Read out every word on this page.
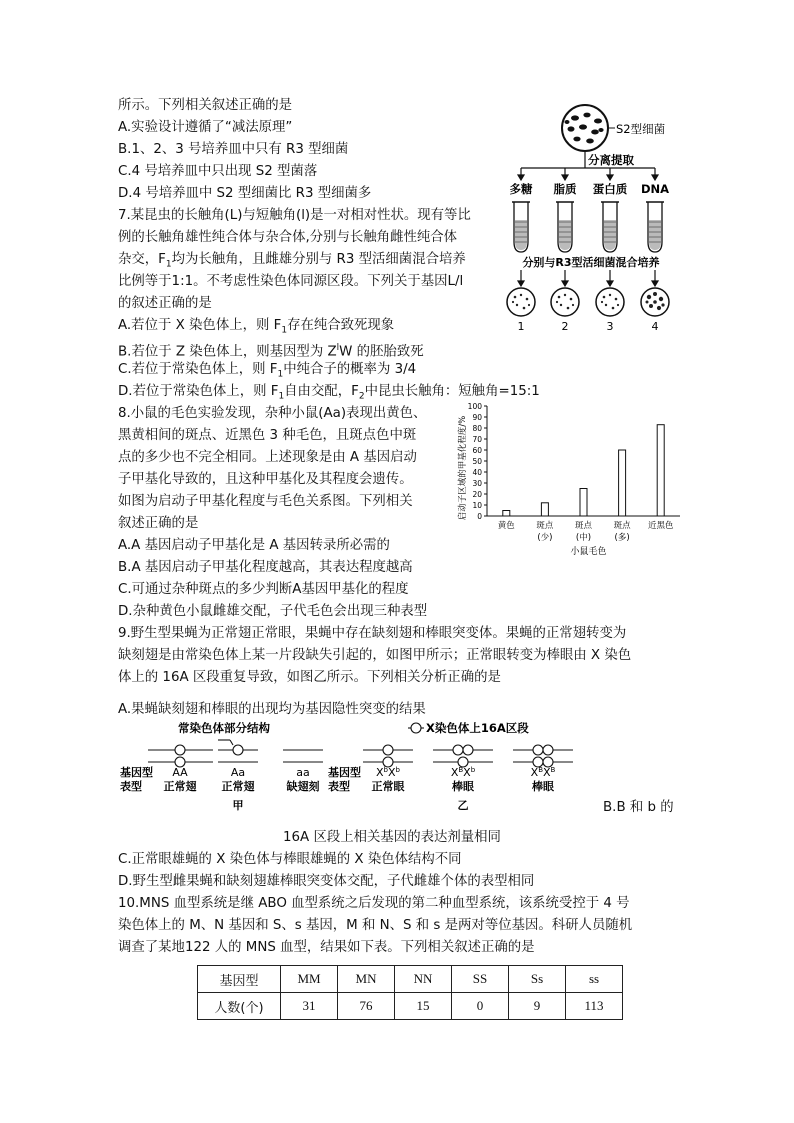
所示。下列相关叙述正确的是
A.实验设计遵循了“减法原理”
B.1、2、3 号培养皿中只有 R3 型细菌
C.4 号培养皿中只出现 S2 型菌落
D.4 号培养皿中 S2 型细菌比 R3 型细菌多
S2型细菌
分离提取
多糖 脂质 蛋白质 DNA
分别与R3型活细菌混合培养
1	2	3	4
7.某昆虫的长触角(L)与短触角(l)是一对相对性状。现有等比
例的长触角雄性纯合体与杂合体,分别与长触角雌性纯合体
杂交，$F_1$均为长触角，且雌雄分别与 R3 型活细菌混合培养
比例等于1:1。不考虑性染色体同源区段。下列关于基因L/l
的叙述正确的是
A.若位于 X 染色体上，则 $F_1$存在纯合致死现象
B.若位于 Z 染色体上，则基因型为 $Z^lW$ 的胚胎致死
C.若位于常染色体上，则 $F_1$中纯合子的概率为 3/4
D.若位于常染色体上，则 $F_1$自由交配，$F_2$中昆虫长触角：短触角=15:1
8.小鼠的毛色实验发现，杂种小鼠(Aa)表现出黄色、
黑黄相间的斑点、近黑色 3 种毛色，且斑点色中斑
点的多少也不完全相同。上述现象是由 A 基因启动
子甲基化导致的，且这种甲基化及其程度会遗传。
如图为启动子甲基化程度与毛色关系图。下列相关
叙述正确的是
A.A 基因启动子甲基化是 A 基因转录所必需的
B.A 基因启动子甲基化程度越高，其表达程度越高
C.可通过杂种斑点的多少判断A基因甲基化的程度
D.杂种黄色小鼠雌雄交配，子代毛色会出现三种表型
启动子区域的甲基化程度/% 0
10
20
30
40
50
60
70
80
90
100
黄色	斑点
(少)
斑点
(中)
斑点
(多)
近黑色
小鼠毛色
9.野生型果蝇为正常翅正常眼，果蝇中存在缺刻翅和棒眼突变体。果蝇的正常翅转变为
缺刻翅是由常染色体上某一片段缺失引起的，如图甲所示；正常眼转变为棒眼由 X 染色
体上的 16A 区段重复导致，如图乙所示。下列相关分析正确的是
A.果蝇缺刻翅和棒眼的出现均为基因隐性突变的结果
常染色体部分结构	X染色体上16A区段
基因型
表型
AA
正常翅
Aa
正常翅
aa
缺翅刻
甲
基因型
表型
$X^bX^b$
正常眼
$X^BX^b$
棒眼
$X^BX^B$
棒眼
乙	B.B 和 b 的
16A 区段上相关基因的表达剂量相同
C.正常眼雄蝇的 X 染色体与棒眼雄蝇的 X 染色体结构不同
D.野生型雌果蝇和缺刻翅雄棒眼突变体交配，子代雌雄个体的表型相同
10.MNS 血型系统是继 ABO 血型系统之后发现的第二种血型系统，该系统受控于 4 号
染色体上的 M、N 基因和 S、s 基因，M 和 N、S 和 s 是两对等位基因。科研人员随机
调查了某地122 人的 MNS 血型，结果如下表。下列相关叙述正确的是
基因型	MM	MN	NN	SS	Ss	ss
人数(个)	31	76	15	0	9	113
